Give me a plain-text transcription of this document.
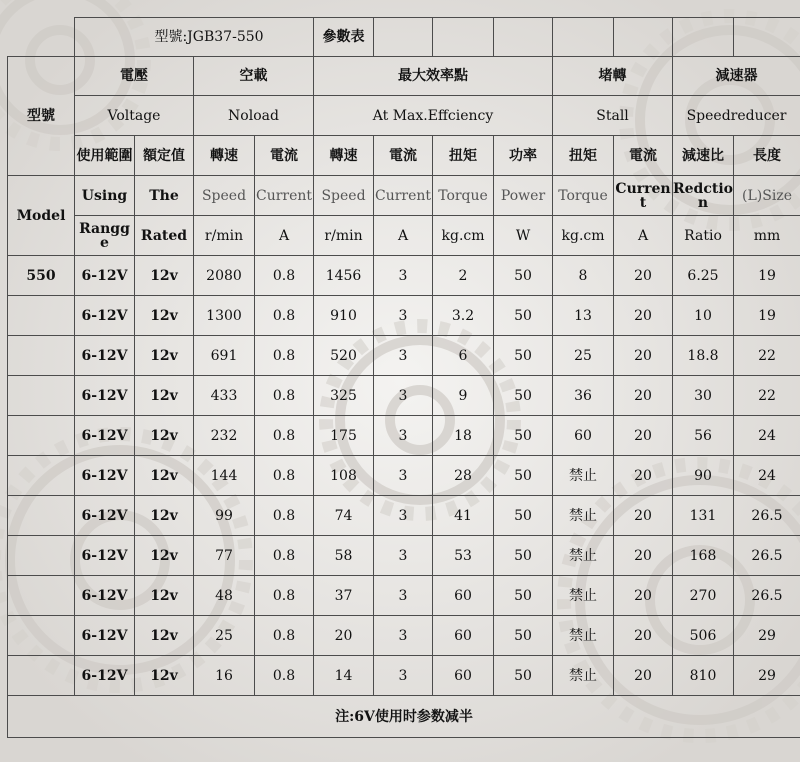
	型號:JGB37-550				參數表							
型號	電壓		空載		最大效率點				堵轉		減速器	
	Voltage		Noload		At Max.Effciency				Stall		Speedreducer	
	使用範圍	額定值	轉速	電流	轉速	電流	扭矩	功率	扭矩	電流	減速比	長度
Model	Using	The	Speed	Current	Speed	Current	Torque	Power	Torque	Current	Redction	(L)Size
	Rangge	Rated	r/min	A	r/min	A	kg.cm	W	kg.cm	A	Ratio	mm
550	6-12V	12v	2080	0.8	1456	3	2	50	8	20	6.25	19
	6-12V	12v	1300	0.8	910	3	3.2	50	13	20	10	19
	6-12V	12v	691	0.8	520	3	6	50	25	20	18.8	22
	6-12V	12v	433	0.8	325	3	9	50	36	20	30	22
	6-12V	12v	232	0.8	175	3	18	50	60	20	56	24
	6-12V	12v	144	0.8	108	3	28	50	禁止	20	90	24
	6-12V	12v	99	0.8	74	3	41	50	禁止	20	131	26.5
	6-12V	12v	77	0.8	58	3	53	50	禁止	20	168	26.5
	6-12V	12v	48	0.8	37	3	60	50	禁止	20	270	26.5
	6-12V	12v	25	0.8	20	3	60	50	禁止	20	506	29
	6-12V	12v	16	0.8	14	3	60	50	禁止	20	810	29
注:6V使用时参数减半												
